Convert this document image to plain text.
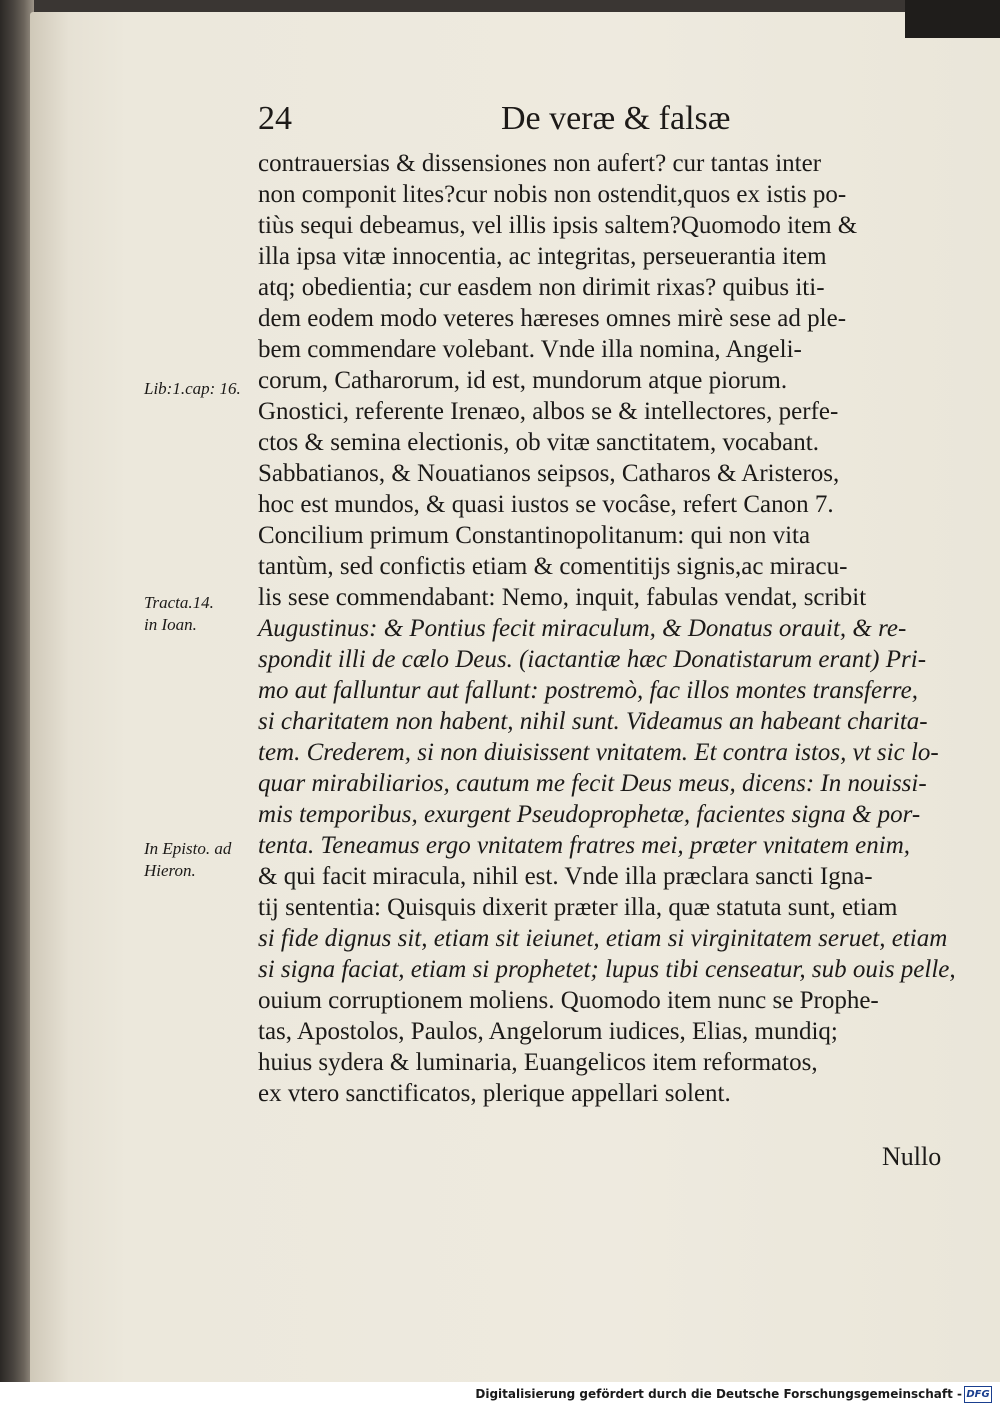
24	De veræ & falsæ
Lib:1.cap: 16.
Tracta.14.
in Ioan.
In Episto. ad
Hieron.
contrauersias & dissensiones non aufert? cur tantas inter
non componit lites?cur nobis non ostendit,quos ex istis po-
tiùs sequi debeamus, vel illis ipsis saltem?Quomodo item &
illa ipsa vitæ innocentia, ac integritas, perseuerantia item
atq; obedientia; cur easdem non dirimit rixas? quibus iti-
dem eodem modo veteres hæreses omnes mirè sese ad ple-
bem commendare volebant. Vnde illa nomina, Angeli-
corum, Catharorum, id est, mundorum atque piorum.
Gnostici, referente Irenæo, albos se & intellectores, perfe-
ctos & semina electionis, ob vitæ sanctitatem, vocabant.
Sabbatianos, & Nouatianos seipsos, Catharos & Aristeros,
hoc est mundos, & quasi iustos se vocâse, refert Canon 7.
Concilium primum Constantinopolitanum: qui non vita
tantùm, sed confictis etiam & comentitijs signis,ac miracu-
lis sese commendabant: Nemo, inquit, fabulas vendat, scribit
Augustinus: & Pontius fecit miraculum, & Donatus orauit, & re-
spondit illi de cælo Deus. (iactantiæ hæc Donatistarum erant) Pri-
mo aut falluntur aut fallunt: postremò, fac illos montes transferre,
si charitatem non habent, nihil sunt. Videamus an habeant charita-
tem. Crederem, si non diuisissent vnitatem. Et contra istos, vt sic lo-
quar mirabiliarios, cautum me fecit Deus meus, dicens: In nouissi-
mis temporibus, exurgent Pseudoprophetæ, facientes signa & por-
tenta. Teneamus ergo vnitatem fratres mei, præter vnitatem enim,
& qui facit miracula, nihil est. Vnde illa præclara sancti Igna-
tij sententia: Quisquis dixerit præter illa, quæ statuta sunt, etiam
si fide dignus sit, etiam sit ieiunet, etiam si virginitatem seruet, etiam
si signa faciat, etiam si prophetet; lupus tibi censeatur, sub ouis pelle,
ouium corruptionem moliens. Quomodo item nunc se Prophe-
tas, Apostolos, Paulos, Angelorum iudices, Elias, mundiq;
huius sydera & luminaria, Euangelicos item reformatos,
ex vtero sanctificatos, plerique appellari solent.
Nullo
Digitalisierung gefördert durch die Deutsche Forschungsgemeinschaft - DFG
